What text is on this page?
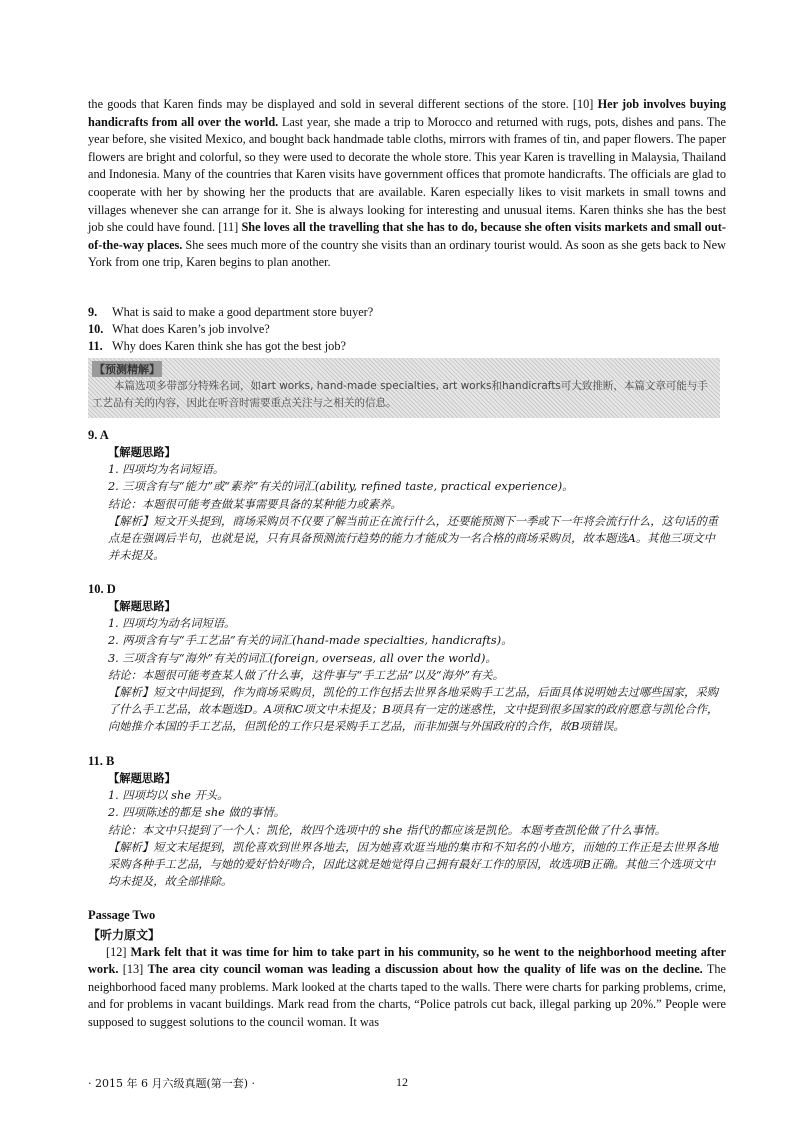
the goods that Karen finds may be displayed and sold in several different sections of the store. [10] Her job involves buying handicrafts from all over the world. Last year, she made a trip to Morocco and returned with rugs, pots, dishes and pans. The year before, she visited Mexico, and bought back handmade table cloths, mirrors with frames of tin, and paper flowers. The paper flowers are bright and colorful, so they were used to decorate the whole store. This year Karen is travelling in Malaysia, Thailand and Indonesia. Many of the countries that Karen visits have government offices that promote handicrafts. The officials are glad to cooperate with her by showing her the products that are available. Karen especially likes to visit markets in small towns and villages whenever she can arrange for it. She is always looking for interesting and unusual items. Karen thinks she has the best job she could have found. [11] She loves all the travelling that she has to do, because she often visits markets and small out-of-the-way places. She sees much more of the country she visits than an ordinary tourist would. As soon as she gets back to New York from one trip, Karen begins to plan another.
9. What is said to make a good department store buyer?
10. What does Karen’s job involve?
11. Why does Karen think she has got the best job?
【预测精解】
本篇选项多带部分特殊名词，如art works, hand-made specialties, art works和handicrafts可大致推断，本篇文章可能与手工艺品有关的内容，因此在听音时需要重点关注与之相关的信息。
9. A
【解题思路】
1. 四项均为名词短语。
2. 三项含有与“能力”或“素养”有关的词汇(ability, refined taste, practical experience)。
结论：本题很可能考查做某事需要具备的某种能力或素养。
【解析】短文开头提到，商场采购员不仅要了解当前正在流行什么，还要能预测下一季或下一年将会流行什么，这句话的重点是在强调后半句，也就是说，只有具备预测流行趋势的能力才能成为一名合格的商场采购员，故本题选A。其他三项文中并未提及。
10. D
【解题思路】
1. 四项均为动名词短语。
2. 两项含有与“手工艺品”有关的词汇(hand-made specialties, handicrafts)。
3. 三项含有与“海外”有关的词汇(foreign, overseas, all over the world)。
结论：本题很可能考查某人做了什么事，这件事与“手工艺品”以及“海外”有关。
【解析】短文中间提到，作为商场采购员，凯伦的工作包括去世界各地采购手工艺品，后面具体说明她去过哪些国家，采购了什么手工艺品，故本题选D。A项和C项文中未提及；B项具有一定的迷惑性，文中提到很多国家的政府愿意与凯伦合作，向她推介本国的手工艺品，但凯伦的工作只是采购手工艺品，而非加强与外国政府的合作，故B项错误。
11. B
【解题思路】
1. 四项均以 she 开头。
2. 四项陈述的都是 she 做的事情。
结论：本文中只提到了一个人：凯伦，故四个选项中的 she 指代的都应该是凯伦。本题考查凯伦做了什么事情。
【解析】短文末尾提到，凯伦喜欢到世界各地去，因为她喜欢逛当地的集市和不知名的小地方，而她的工作正是去世界各地采购各种手工艺品，与她的爱好恰好吻合，因此这就是她觉得自己拥有最好工作的原因，故选项B正确。其他三个选项文中均未提及，故全部排除。
Passage Two
【听力原文】
[12] Mark felt that it was time for him to take part in his community, so he went to the neighborhood meeting after work. [13] The area city council woman was leading a discussion about how the quality of life was on the decline. The neighborhood faced many problems. Mark looked at the charts taped to the walls. There were charts for parking problems, crime, and for problems in vacant buildings. Mark read from the charts, “Police patrols cut back, illegal parking up 20%.” People were supposed to suggest solutions to the council woman. It was
· 2015 年 6 月六级真题(第一套) ·	12
